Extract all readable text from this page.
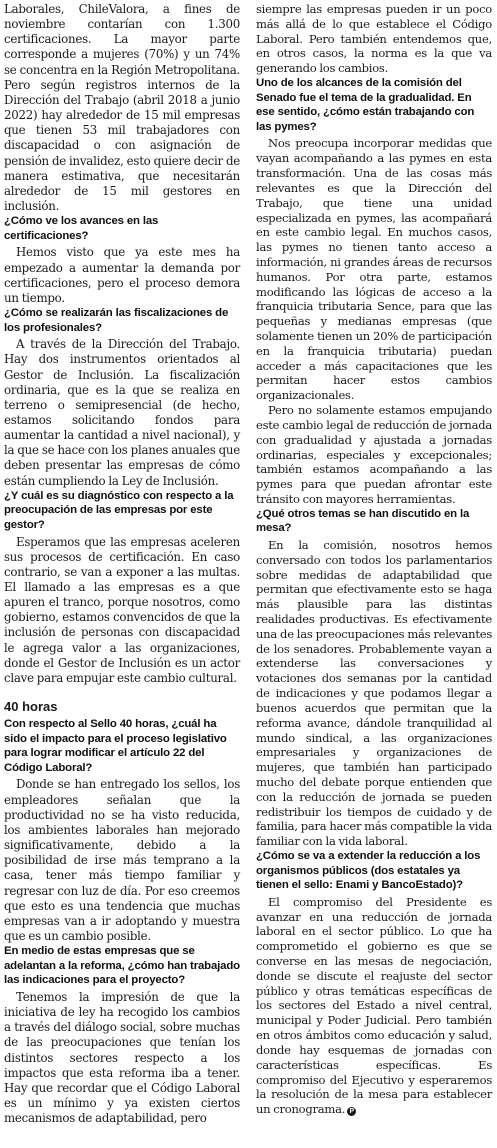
Laborales, ChileValora, a fines de noviembre contarían con 1.300 certificaciones. La mayor parte corresponde a mujeres (70%) y un 74% se concentra en la Región Metropolitana. Pero según registros internos de la Dirección del Trabajo (abril 2018 a junio 2022) hay alrededor de 15 mil empresas que tienen 53 mil trabajadores con discapacidad o con asignación de pensión de invalidez, esto quiere decir de manera estimativa, que necesitarán alrededor de 15 mil gestores en inclusión.
¿Cómo ve los avances en las certificaciones?
Hemos visto que ya este mes ha empezado a aumentar la demanda por certificaciones, pero el proceso demora un tiempo.
¿Cómo se realizarán las fiscalizaciones de los profesionales?
A través de la Dirección del Trabajo. Hay dos instrumentos orientados al Gestor de Inclusión. La fiscalización ordinaria, que es la que se realiza en terreno o semipresencial (de hecho, estamos solicitando fondos para aumentar la cantidad a nivel nacional), y la que se hace con los planes anuales que deben presentar las empresas de cómo están cumpliendo la Ley de Inclusión.
¿Y cuál es su diagnóstico con respecto a la preocupación de las empresas por este gestor?
Esperamos que las empresas aceleren sus procesos de certificación. En caso contrario, se van a exponer a las multas. El llamado a las empresas es a que apuren el tranco, porque nosotros, como gobierno, estamos convencidos de que la inclusión de personas con discapacidad le agrega valor a las organizaciones, donde el Gestor de Inclusión es un actor clave para empujar este cambio cultural.
40 horas
Con respecto al Sello 40 horas, ¿cuál ha sido el impacto para el proceso legislativo para lograr modificar el artículo 22 del Código Laboral?
Donde se han entregado los sellos, los empleadores señalan que la productividad no se ha visto reducida, los ambientes laborales han mejorado significativamente, debido a la posibilidad de irse más temprano a la casa, tener más tiempo familiar y regresar con luz de día. Por eso creemos que esto es una tendencia que muchas empresas van a ir adoptando y muestra que es un cambio posible.
En medio de estas empresas que se adelantan a la reforma, ¿cómo han trabajado las indicaciones para el proyecto?
Tenemos la impresión de que la iniciativa de ley ha recogido los cambios a través del diálogo social, sobre muchas de las preocupaciones que tenían los distintos sectores respecto a los impactos que esta reforma iba a tener. Hay que recordar que el Código Laboral es un mínimo y ya existen ciertos mecanismos de adaptabilidad, pero
siempre las empresas pueden ir un poco más allá de lo que establece el Código Laboral. Pero también entendemos que, en otros casos, la norma es la que va generando los cambios.
Uno de los alcances de la comisión del Senado fue el tema de la gradualidad. En ese sentido, ¿cómo están trabajando con las pymes?
Nos preocupa incorporar medidas que vayan acompañando a las pymes en esta transformación. Una de las cosas más relevantes es que la Dirección del Trabajo, que tiene una unidad especializada en pymes, las acompañará en este cambio legal. En muchos casos, las pymes no tienen tanto acceso a información, ni grandes áreas de recursos humanos. Por otra parte, estamos modificando las lógicas de acceso a la franquicia tributaria Sence, para que las pequeñas y medianas empresas (que solamente tienen un 20% de participación en la franquicia tributaria) puedan acceder a más capacitaciones que les permitan hacer estos cambios organizacionales.
Pero no solamente estamos empujando este cambio legal de reducción de jornada con gradualidad y ajustada a jornadas ordinarias, especiales y excepcionales; también estamos acompañando a las pymes para que puedan afrontar este tránsito con mayores herramientas.
¿Qué otros temas se han discutido en la mesa?
En la comisión, nosotros hemos conversado con todos los parlamentarios sobre medidas de adaptabilidad que permitan que efectivamente esto se haga más plausible para las distintas realidades productivas. Es efectivamente una de las preocupaciones más relevantes de los senadores. Probablemente vayan a extenderse las conversaciones y votaciones dos semanas por la cantidad de indicaciones y que podamos llegar a buenos acuerdos que permitan que la reforma avance, dándole tranquilidad al mundo sindical, a las organizaciones empresariales y organizaciones de mujeres, que también han participado mucho del debate porque entienden que con la reducción de jornada se pueden redistribuir los tiempos de cuidado y de familia, para hacer más compatible la vida familiar con la vida laboral.
¿Cómo se va a extender la reducción a los organismos públicos (dos estatales ya tienen el sello: Enami y BancoEstado)?
El compromiso del Presidente es avanzar en una reducción de jornada laboral en el sector público. Lo que ha comprometido el gobierno es que se converse en las mesas de negociación, donde se discute el reajuste del sector público y otras temáticas específicas de los sectores del Estado a nivel central, municipal y Poder Judicial. Pero también en otros ámbitos como educación y salud, donde hay esquemas de jornadas con características específicas. Es compromiso del Ejecutivo y esperaremos la resolución de la mesa para establecer un cronograma. P
